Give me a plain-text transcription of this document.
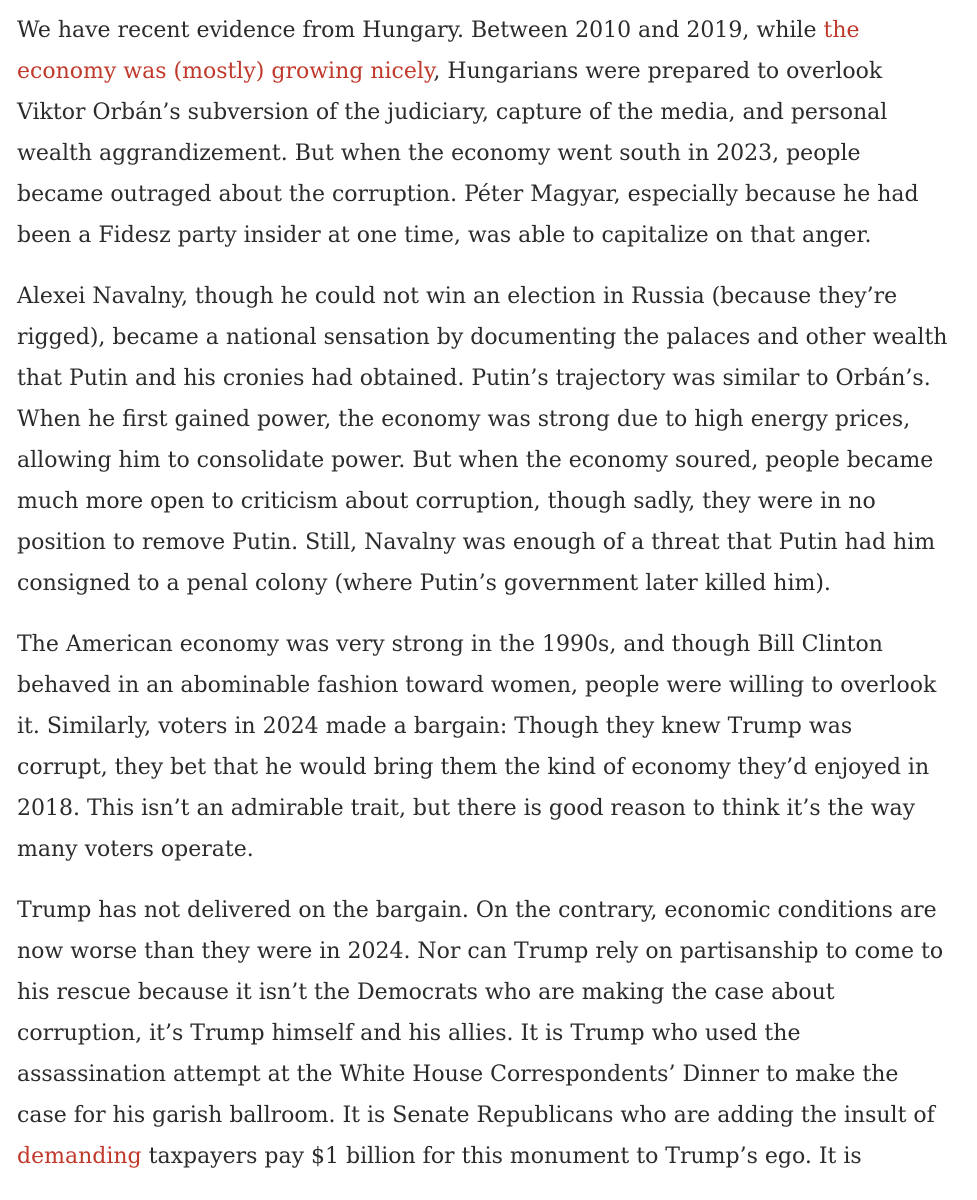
We have recent evidence from Hungary. Between 2010 and 2019, while the
economy was (mostly) growing nicely, Hungarians were prepared to overlook
Viktor Orbán’s subversion of the judiciary, capture of the media, and personal
wealth aggrandizement. But when the economy went south in 2023, people
became outraged about the corruption. Péter Magyar, especially because he had
been a Fidesz party insider at one time, was able to capitalize on that anger.

Alexei Navalny, though he could not win an election in Russia (because they’re
rigged), became a national sensation by documenting the palaces and other wealth
that Putin and his cronies had obtained. Putin’s trajectory was similar to Orbán’s.
When he first gained power, the economy was strong due to high energy prices,
allowing him to consolidate power. But when the economy soured, people became
much more open to criticism about corruption, though sadly, they were in no
position to remove Putin. Still, Navalny was enough of a threat that Putin had him
consigned to a penal colony (where Putin’s government later killed him).

The American economy was very strong in the 1990s, and though Bill Clinton
behaved in an abominable fashion toward women, people were willing to overlook
it. Similarly, voters in 2024 made a bargain: Though they knew Trump was
corrupt, they bet that he would bring them the kind of economy they’d enjoyed in
2018. This isn’t an admirable trait, but there is good reason to think it’s the way
many voters operate.

Trump has not delivered on the bargain. On the contrary, economic conditions are
now worse than they were in 2024. Nor can Trump rely on partisanship to come to
his rescue because it isn’t the Democrats who are making the case about
corruption, it’s Trump himself and his allies. It is Trump who used the
assassination attempt at the White House Correspondents’ Dinner to make the
case for his garish ballroom. It is Senate Republicans who are adding the insult of
demanding taxpayers pay $1 billion for this monument to Trump’s ego. It is
